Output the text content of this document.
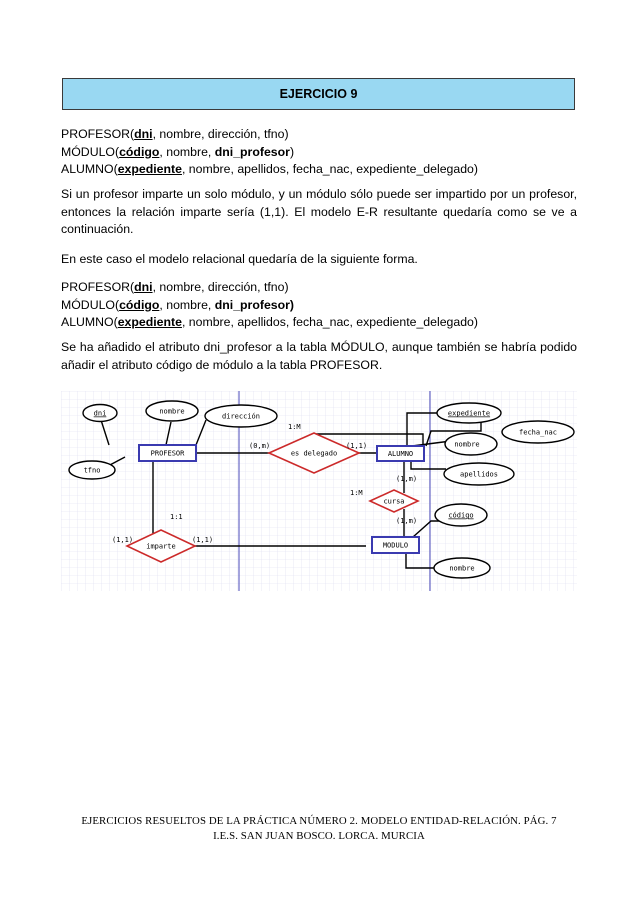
EJERCICIO 9
PROFESOR(dni, nombre, dirección, tfno)
MÓDULO(código, nombre, dni_profesor)
ALUMNO(expediente, nombre, apellidos, fecha_nac, expediente_delegado)

Si un profesor imparte un solo módulo, y un módulo sólo puede ser impartido por un profesor, entonces la relación imparte sería (1,1). El modelo E-R resultante quedaría como se ve a continuación.

En este caso el modelo relacional quedaría de la siguiente forma.

PROFESOR(dni, nombre, dirección, tfno)
MÓDULO(código, nombre, dni_profesor)
ALUMNO(expediente, nombre, apellidos, fecha_nac, expediente_delegado)

Se ha añadido el atributo dni_profesor a la tabla MÓDULO, aunque también se habría podido añadir el atributo código de módulo a la tabla PROFESOR.

dni	nombre
dirección
tfno
expediente
fecha_nac
nombre
apellidos
código
nombre
PROFESOR	ALUMNO
MODULO
es delegado
cursa
imparte
(0,m)
1:M
(1,1)
1:M
(1,m)
(1,m)
1:1
(1,1)	(1,1)
EJERCICIOS RESUELTOS DE LA PRÁCTICA NÚMERO 2. MODELO ENTIDAD-RELACIÓN. PÁG. 7
I.E.S. SAN JUAN BOSCO. LORCA. MURCIA
